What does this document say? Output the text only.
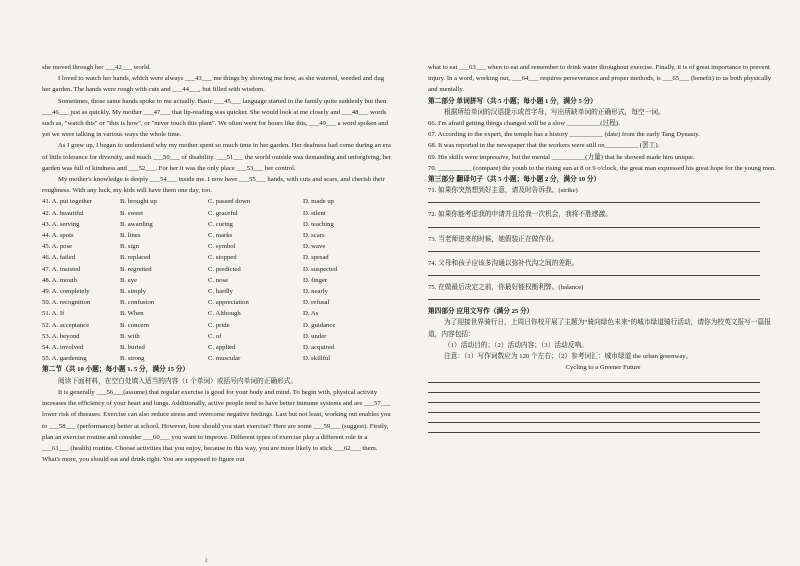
she moved through her ___42___ world.

I loved to watch her hands, which were always ___43___ me things by showing me how, as she watered, weeded and dug her garden. The hands were rough with cuts and ___44___, but filled with wisdom.

Sometimes, those same hands spoke to me actually. Basic ___45___ language started in the family quite suddenly but then ___46___ just as quickly. My mother ___47___ that lip-reading was quicker. She would look at me closely and ___48___ words such as, "watch this" or "this is how", or "never touch this plant". We often went for hours like this, ___49___ a word spoken and yet we were talking in various ways the whole time.

As I grew up, I began to understand why my mother spent so much time in her garden. Her deafness had come during an era of little tolerance for diversity, and much ___50___ of disability. ___51___ the world outside was demanding and unforgiving, her garden was full of kindness and ___52___. For her it was the only place ___53___ her control.

My mother's knowledge is deeply ___54___ inside me. I now have ___55___ hands, with cuts and scars, and cherish their roughness. With any luck, my kids will have them one day, too.

41. A. put together	B. brought up	C. passed down	D. made up
42. A. beautiful	B. sweet	C. graceful	D. silent
43. A. serving	B. awarding	C. curing	D. teaching
44. A. spots	B. lines	C. marks	D. scars
45. A. pose	B. sign	C. symbol	D. wave
46. A. failed	B. replaced	C. stopped	D. spread
47. A. insisted	B. regretted	C. predicted	D. suspected
48. A. mouth	B. eye	C. nose	D. finger
49. A. completely	B. simply	C. hardly	D. nearly
50. A. recognition	B. confusion	C. appreciation	D. refusal
51. A. If	B. When	C. Although	D. As
52. A. acceptance	B. concern	C. pride	D. guidance
53. A. beyond	B. with	C. of	D. under
54. A. involved	B. buried	C. applied	D. acquired
55. A. gardening	B. strong	C. muscular	D. skillful

第二节（共 10 小题；每小题 1. 5 分，满分 15 分）

阅读下面材料，在空白处填入适当的内容（1 个单词）或括号内单词的正确形式。

It is generally ___56___(assume) that regular exercise is good for your body and mind. To begin with, physical activity increases the efficiency of your heart and lungs. Additionally, active people tend to have better immune systems and are ___57___ lower risk of diseases. Exercise can also reduce stress and overcome negative feelings. Last but not least, working out enables you to ___58___ (performance) better at school. However, how should you start exercise? Here are some ___59___ (suggest). Firstly, plan an exercise routine and consider ___60___ you want to improve. Different types of exercise play a different role in a ___61___ (health) routine. Choose activities that you enjoy, because in this way, you are more likely to stick ___62___ them. What's more, you should eat and drink right. You are supposed to figure out

2

what to eat ___63___ when to eat and remember to drink water throughout exercise. Finally, it is of great importance to prevent injury. In a word, working out, ___64___ requires perseverance and proper methods, is ___65___ (benefit) to us both physically and mentally.

第二部分 单词拼写（共 5 小题；每小题 1 分，满分 5 分）

根据所给单词的汉语提示或首字母，写出所缺单词的正确形式，每空一词。

66. I'm afraid getting things changed will be a slow __________(过程).

67. According to the expert, the temple has a history __________ (date) from the early Tang Dynasty.

68. It was reported in the newspaper that the workers were still on__________ (罢工).

69. His skills were impressive, but the mental __________(力量) that he showed made him unique.

70. __________ (compare) the youth to the rising sun at 8 or 9 o'clock, the great man expressed his great hope for the young men.

第三部分 翻译句子（共 5 小题；每小题 2 分，满分 10 分）

71. 如果你突然想到好主意，请及时告诉我。(strike)

72. 如果你能考虑我的申请并且给我一次机会，我将不胜感激。

73. 当老师进来的时候，她假装正在做作业。

74. 父母和孩子应该多沟通以弥补代沟之间的差距。

75. 在做最后决定之前，你最好能权衡利弊。(balance)

第四部分 应用文写作（满分 25 分）

为了迎接世界骑行日，上周日你校开展了主题为“骑向绿色未来”的城市绿道骑行活动，请你为校英文报写一篇报道，内容包括：

（1）活动目的；（2）活动内容；（3）活动反响。

注意：（1）写作词数应为 120 个左右；（2）参考词汇：城市绿道 the urban greenway。

Cycling to a Greener Future
